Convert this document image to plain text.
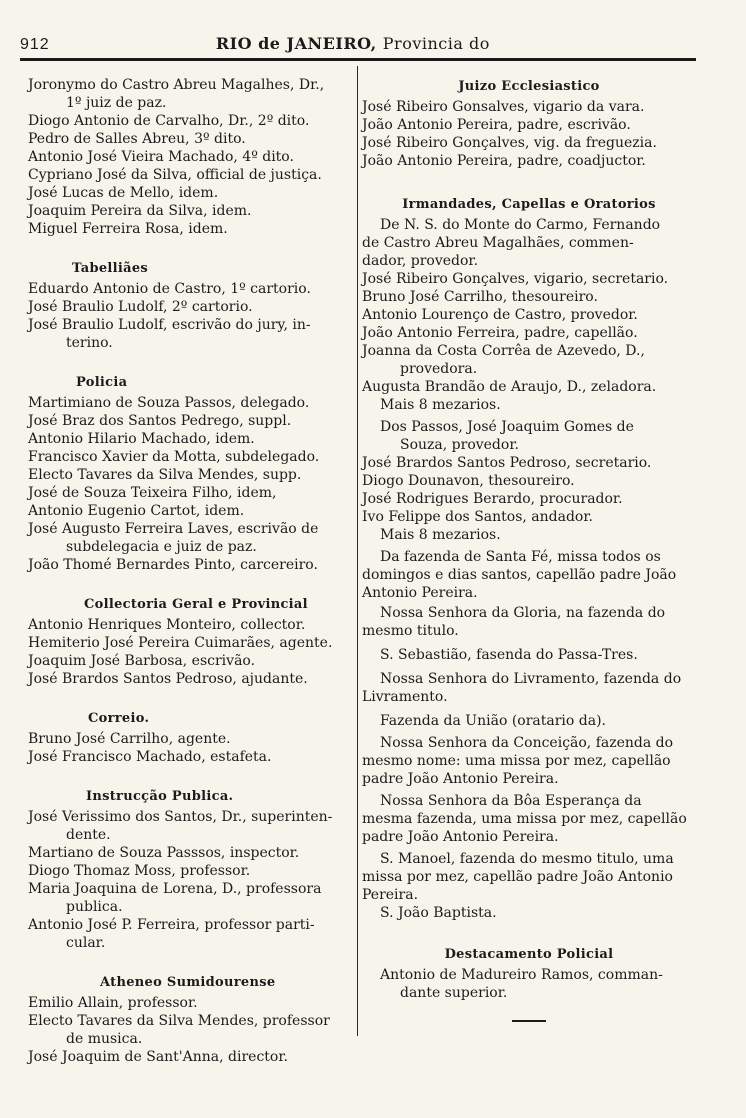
912	RIO de JANEIRO, Provincia do
Joronymo do Castro Abreu Magalhes, Dr.,
1º juiz de paz.
Diogo Antonio de Carvalho, Dr., 2º dito.
Pedro de Salles Abreu, 3º dito.
Antonio José Vieira Machado, 4º dito.
Cypriano José da Silva, official de justiça.
José Lucas de Mello, idem.
Joaquim Pereira da Silva, idem.
Miguel Ferreira Rosa, idem.
Tabelliães
Eduardo Antonio de Castro, 1º cartorio.
José Braulio Ludolf, 2º cartorio.
José Braulio Ludolf, escrivão do jury, in-
terino.
Policia
Martimiano de Souza Passos, delegado.
José Braz dos Santos Pedrego, suppl.
Antonio Hilario Machado, idem.
Francisco Xavier da Motta, subdelegado.
Electo Tavares da Silva Mendes, supp.
José de Souza Teixeira Filho, idem,
Antonio Eugenio Cartot, idem.
José Augusto Ferreira Laves, escrivão de
subdelegacia e juiz de paz.
João Thomé Bernardes Pinto, carcereiro.
Collectoria Geral e Provincial
Antonio Henriques Monteiro, collector.
Hemiterio José Pereira Cuimarães, agente.
Joaquim José Barbosa, escrivão.
José Brardos Santos Pedroso, ajudante.
Correio.
Bruno José Carrilho, agente.
José Francisco Machado, estafeta.
Instrucção Publica.
José Verissimo dos Santos, Dr., superinten-
dente.
Martiano de Souza Passsos, inspector.
Diogo Thomaz Moss, professor.
Maria Joaquina de Lorena, D., professora
publica.
Antonio José P. Ferreira, professor parti-
cular.
Atheneo Sumidourense
Emilio Allain, professor.
Electo Tavares da Silva Mendes, professor
de musica.
José Joaquim de Sant'Anna, director.
Juizo Ecclesiastico
José Ribeiro Gonsalves, vigario da vara.
João Antonio Pereira, padre, escrivão.
José Ribeiro Gonçalves, vig. da freguezia.
João Antonio Pereira, padre, coadjuctor.
Irmandades, Capellas e Oratorios
De N. S. do Monte do Carmo, Fernando
de Castro Abreu Magalhães, commen-
dador, provedor.
José Ribeiro Gonçalves, vigario, secretario.
Bruno José Carrilho, thesoureiro.
Antonio Lourenço de Castro, provedor.
João Antonio Ferreira, padre, capellão.
Joanna da Costa Corrêa de Azevedo, D.,
provedora.
Augusta Brandão de Araujo, D., zeladora.
Mais 8 mezarios.
Dos Passos, José Joaquim Gomes de
Souza, provedor.
José Brardos Santos Pedroso, secretario.
Diogo Dounavon, thesoureiro.
José Rodrigues Berardo, procurador.
Ivo Felippe dos Santos, andador.
Mais 8 mezarios.
Da fazenda de Santa Fé, missa todos os domingos e dias santos, capellão padre João Antonio Pereira.
Nossa Senhora da Gloria, na fazenda do mesmo titulo.
S. Sebastião, fasenda do Passa-Tres.
Nossa Senhora do Livramento, fazenda do Livramento.
Fazenda da União (oratario da).
Nossa Senhora da Conceição, fazenda do mesmo nome: uma missa por mez, capellão padre João Antonio Pereira.
Nossa Senhora da Bôa Esperança da mesma fazenda, uma missa por mez, capellão padre João Antonio Pereira.
S. Manoel, fazenda do mesmo titulo, uma missa por mez, capellão padre João Antonio Pereira.
S. João Baptista.
Destacamento Policial
Antonio de Madureiro Ramos, comman-
dante superior.
